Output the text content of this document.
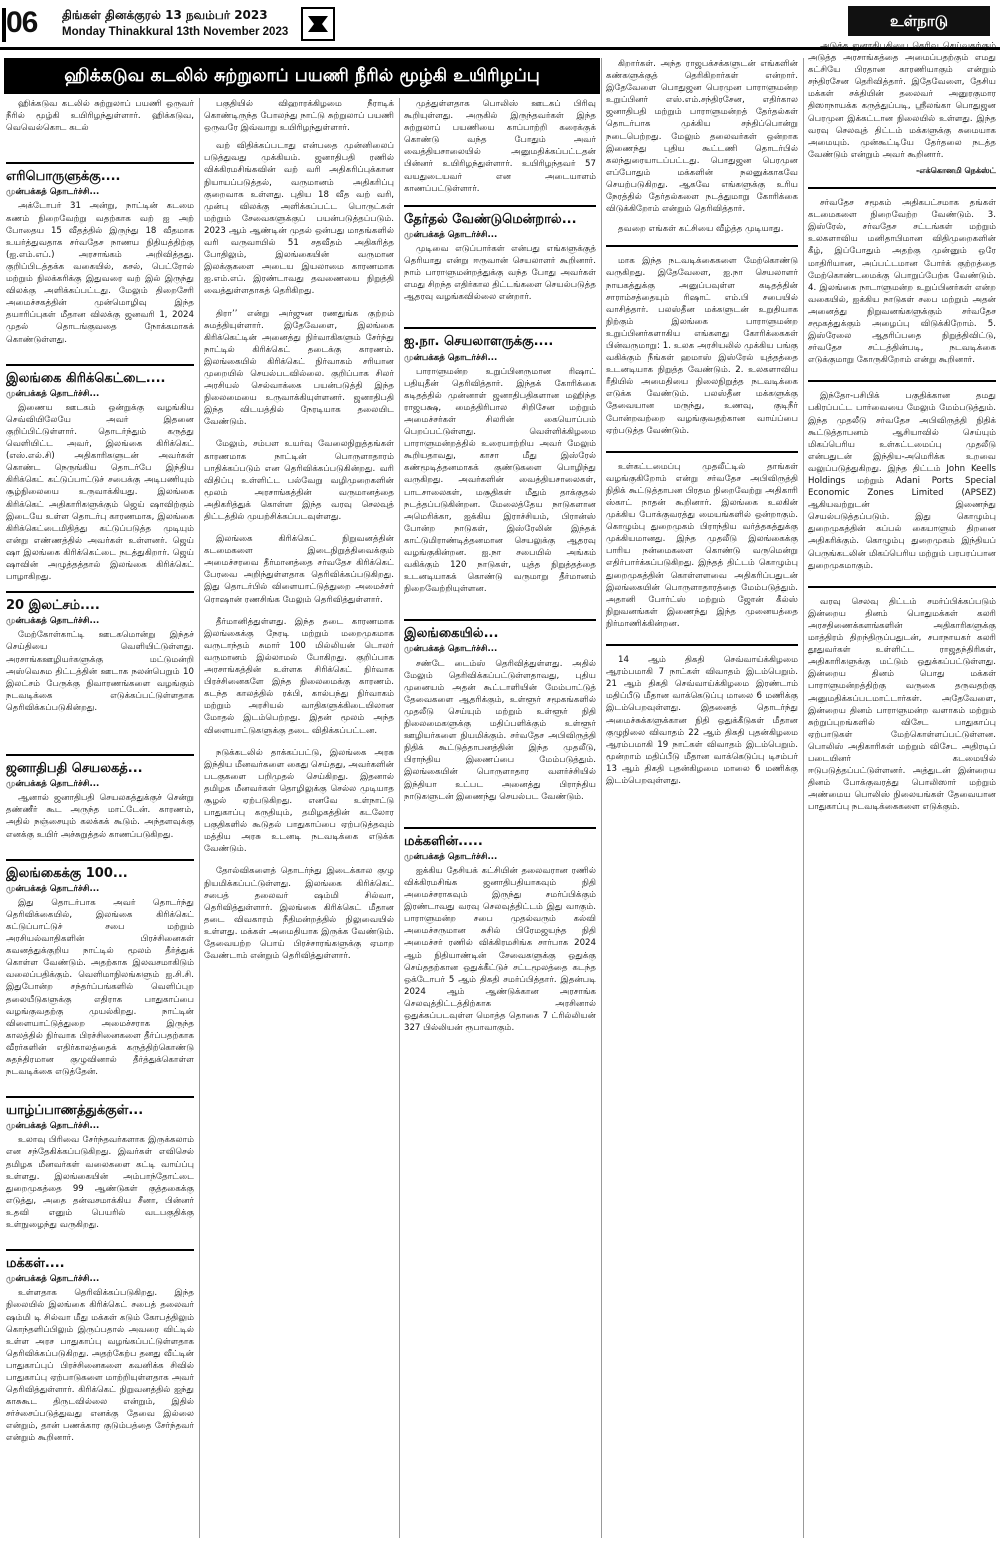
06 திங்கள் தினக்குரல் 13 நவம்பர் 2023
Monday Thinakkural 13th November 2023
உள்நாடு
ஹிக்கடுவ கடலில் சுற்றுலாப் பயணி நீரில் மூழ்கி உயிரிழப்பு

ஹிக்கடுவ கடலில் சுற்றுலாப் பயணி ஒருவர் நீரில் மூழ்கி உயிரிழந்துள்ளார். ஹிக்கடுவ, வெவெல்கொட கடல்

எரிபொருளுக்கு....
முன்பக்கத் தொடர்ச்சி...

அக்டோபர் 31 அன்று, நாட்டின் கடமை கணம் நிறைவேற்று வதற்காக வற் ஐ அற் போதைய 15 வீதத்தில் இருந்து 18 வீதமாக உயர்த்துவதாக சர்வதேச நாணய நிதியத்திற்கு (ஐ.எம்.எப்.) அரசாங்கம் அறிவித்தது. குறிப்பிடத்தக்க வகையில், கசல், பெட்ரோல் மற்றும் நிலக்கரிக்கு இதுவரை வற் இல் இருந்து விலக்கு அளிக்கப்பட்டது. மேலும் திறைசேரி அமைச்சகத்தின் முன்மொழிவு இந்த தயாரிப்புகள் மீதான விலக்கு ஜனவரி 1, 2024 முதல் தொடங்குவதை நோக்கமாகக் கொண்டுள்ளது.

இலங்கை கிரிக்கெட்டை....
முன்பக்கத் தொடர்ச்சி...

இணைய ஊடகம் ஒன்றுக்கு வழங்கிய செவ்வியிலேயே அவர் இதனை குறிப்பிட்டுள்ளார். தொடர்ந்தும் கருத்து வெளியிட்ட அவர், இலங்கை கிரிக்கெட் (எஸ்.எல்.சி) அதிகாரிகளுடன் அவர்கள் கொண்ட நெருங்கிய தொடர்பே இந்திய கிரிக்கெட் கட்டுப்பாட்டுச் சபைக்கு அடிபணியும் சூழ்நிலையை உருவாக்கியது. இலங்கை கிரிக்கெட் அதிகாரிகளுக்கும் ஜெய் ஷாவிற்கும் இடையே உள்ள தொடர்பு காரணமாக, இலங்கை கிரிக்கெட்டைமிதித்து கட்டுப்படுத்த முடியும் என்று எண்ணத்தில் அவர்கள் உள்ளனர். ஜெய் ஷா இலங்கை கிரிக்கெட்டை நடத்துகிறார். ஜெய் ஷாவின் அழுத்தத்தால் இலங்கை கிரிக்கெட் பாழாகிறது.

20 இலட்சம்....
முன்பக்கத் தொடர்ச்சி...

மேற்கோள்காட்டி ஊடகமொன்று இந்தச் செய்தியை வெளியிட்டுள்ளது. அரசாங்கஊழியர்களுக்கு மட்டுமன்றி அஸ்வெசும திட்டத்தின் ஊடாக நலன்பெறும் 10 இலட்சம் பேருக்கு நிவாரணங்களை வழங்கும் நடவடிக்கை எடுக்கப்பட்டுள்ளதாக தெரிவிக்கப்படுகின்றது.

ஜனாதிபதி செயலகத்...
முன்பக்கத் தொடர்ச்சி...

ஆனால் ஜனாதிபதி செயலகத்துக்குச் சென்று தண்ணீர் கூட அருந்த மாட்டேன். காரணம், அதில் நஞ்சையும் கலக்கக் கூடும். அந்தளவுக்கு எனக்கு உயிர் அச்சுறுத்தல் காணப்படுகிறது.

இலங்கைக்கு 100...
முன்பக்கத் தொடர்ச்சி...

இது தொடர்பாக அவர் தொடர்ந்து தெரிவிக்கையில், இலங்கை கிரிக்கெட் கட்டுப்பாட்டுச் சபை மற்றும் அரசியல்வாதிகளின் பிரச்சினைகள் கவனத்துக்குறிய நாட்டில் மூலம் தீர்த்துக் கொள்ள வேண்டும். அதற்காக இலவசமாகிடும் வலைப்பதிக்கும். வெளிமாநிலங்களும் ஐ.சி.சி. இதுபோன்ற சந்தர்ப்பங்களில் வெளிப்புற தலையீடுகளுக்கு எதிராக பாதுகாப்பை வழங்குவதற்கு முயல்கிறது. நாட்டின் விளையாட்டுத்துறை அமைச்சராக இருந்த காலத்தில் நிர்வாக பிரச்சினைகளை தீர்ப்பதற்காக வீரர்களின் எதிர்காலத்தைக் கருத்திற்கொண்டு சுதந்திரமான குழுவினால் தீர்த்துக்கொள்ள நடவடிக்கை எடுத்தேன்.

யாழ்ப்பாணத்துக்குள்...
முன்பக்கத் தொடர்ச்சி...

உலாவு பிரிவை சேர்ந்தவர்களாக இருக்கலாம் என சந்தேகிக்கப்படுகிறது. இவர்கள் எவிசெல் தமிழக மீனவர்கள் வலைகளை கட்டி வாய்ப்பு உள்ளது. இலங்கையின் அம்பாந்தோட்டை துறைமுகத்தை 99 ஆண்டுகள் குத்தகைக்கு எடுத்து, அதை தன்வசமாக்கிய சீனா, பின்னர் உதவி எனும் பெயரில் வடபகுதிக்கு உள்நுழைந்து வருகிறது.

மக்கள்....
முன்பக்கத் தொடர்ச்சி...

உள்ளதாக தெரிவிக்கப்படுகிறது. இந்த நிலையில் இலங்கை கிரிக்கெட் சபைத் தலைவர் ஷம்மி டி சில்வா மீது மக்கள் கடும் கோபத்திலும் கொந்தளிப்பிலும் இருப்பதால் அவரை விட்டில் உள்ள அரச பாதுகாப்பு வழங்கப்பட்டுள்ளதாக தெரிவிக்கப்படுகிறது. அதற்கேற்ப தனது வீட்டின் பாதுகாப்புப் பிரச்சினைகளை கவனிக்க சிவில் பாதுகாப்பு ஏற்பாடுகளை மாற்றியுள்ளதாக அவர் தெரிவித்துள்ளார். கிரிக்கெட் நிறுவனத்தில் ஐந்து காசுகூட திருடவில்லை என்றும், இதில் சர்ச்சைப்படுத்துவது எனக்கு தேவை இல்லை என்றும், தான் பணக்கார குடும்பத்தை சேர்ந்தவர் என்றும் கூறினார்.

பகுதியில் விஹாரக்கிழமை நீராடிக் கொண்டிருந்த போலந்து நாட்டு சுற்றுலாப் பயணி ஒருவரே இவ்வாறு உயிரிழந்துள்ளார்.

வற் விதிக்கப்படாது என்பதை முன்னிலைப் படுத்துவது முக்கியம். ஜனாதிபதி ரணில் விக்கிரமசிங்கவின் வற் வரி அதிகரிப்புக்கான நியாயப்படுத்தல், வருமானம் அதிகரிப்பு குறைவாக உள்ளது. புதிய 18 வீத வற் வரி, முன்பு விலக்கு அளிக்கப்பட்ட பொருட்கள் மற்றும் சேவைகளுக்குப் பயன்படுத்தப்படும். 2023 ஆம் ஆண்டின் முதல் ஒன்பது மாதங்களில் வரி வருவாயில் 51 சதவீதம் அதிகரித்த போதிலும், இலங்கையின் வருமான இலக்குகளை அடைய இயலாமை காரணமாக ஐ.எம்.எப். இரண்டாவது தவணையை நிறுத்தி வைத்துள்ளதாகத் தெரிகிறது.

திரா’’ என்று அர்ஜுன ரணதுங்க குற்றம் சுமத்தியுள்ளார். இதேவேளை, இலங்கை கிரிக்கெட்டின் அனைத்து நிர்வாகிகளும் சேர்ந்து நாட்டில் கிரிக்கெட் தடைக்கு காரணம். இலங்கையில் கிரிக்கெட் நிர்வாகம் சரியான முறையில் செயல்படவில்லை. குறிப்பாக சிலர் அரசியல் செல்வாக்கை பயன்படுத்தி இந்த நிலைமையை உருவாக்கியுள்ளனர். ஜனாதிபதி இந்த விடயத்தில் நேரடியாக தலையிட வேண்டும்.

மேலும், சம்பள உயர்வு வேலைநிறுத்தங்கள் காரணமாக நாட்டின் பொருளாதாரம் பாதிக்கப்படும் என தெரிவிக்கப்படுகின்றது. வரி விதிப்பு உள்ளிட்ட பல்வேறு வழிமுறைகளின் மூலம் அரசாங்கத்தின் வருமானத்தை அதிகரித்துக் கொள்ள இந்த வரவு செலவுத் திட்டத்தில் முயற்சிக்கப்படவுள்ளது.

இலங்கை கிரிக்கெட் நிறுவனத்தின் கடமைகளை இடைநிறுத்திவைக்கும் அமைச்சரவை தீர்மானத்தை சர்வதேச கிரிக்கெட் பேரவை அறிந்துள்ளதாக தெரிவிக்கப்படுகிறது. இது தொடர்பில் விளையாட்டுத்துறை அமைச்சர் ரொஷான் ரணசிங்க மேலும் தெரிவித்துள்ளார்.

தீர்மானித்துள்ளது. இந்த தடை காரணமாக இலங்கைக்கு நேரடி மற்றும் மறைமுகமாக வருடாந்தம் சுமார் 100 மில்லியன் டொலர் வருமானம் இல்லாமல் போகிறது. குறிப்பாக அரசாங்கத்தின் உள்ளக சிரிக்கெட் நிர்வாக பிரச்சினைகளே இந்த நிலைமைக்கு காரணம். கடந்த காலத்தில் ரக்பி, கால்பந்து நிர்வாகம் மற்றும் அரசியல் வாதிகளுக்கிடையிலான மோதல் இடம்பெற்றது. இதன் மூலம் அந்த விளையாட்டுகளுக்கு தடை விதிக்கப்பட்டன.

நடுக்கடலில் தாக்கப்பட்டு, இலங்கை அரசு இந்திய மீனவர்களை கைது செய்தது, அவர்களின் படகுகளை பறிமுதல் செய்கிறது. இதனால் தமிழக மீனவர்கள் தொழிலுக்கு செல்ல முடியாத சூழல் ஏற்படுகிறது. எனவே உள்நாட்டு பாதுகாப்பு கருதியும், தமிழகத்தின் கடலோர பகுதிகளில் கூடுதல் பாதுகாப்பை ஏற்படுத்தவும் மத்திய அரசு உடனடி நடவடிக்கை எடுக்க வேண்டும்.

தோல்விகளைத் தொடர்ந்து இடைக்கால குழு நியமிக்கப்பட்டுள்ளது. இலங்கை கிரிக்கெட் சபைத் தலைவர் ஷம்மி சில்வா, தெரிவித்துள்ளார். இலங்கை கிரிக்கெட் மீதான தடை விவகாரம் நீதிமன்றத்தில் நிலுவையில் உள்ளது. மக்கள் அமைதியாக இருக்க வேண்டும். தேவையற்ற பொய் பிரச்சாரங்களுக்கு ஏமாற வேண்டாம் என்றும் தெரிவித்துள்ளார்.

முத்துள்ளதாக பொலிஸ் ஊடகப் பிரிவு கூறியுள்ளது. அருகில் இருந்தவர்கள் இந்த சுற்றுலாப் பயணியை காப்பாற்றி கரைக்குக் கொண்டு வந்த போதும் அவர் வைத்தியசாலையில் அனுமதிக்கப்பட்டதன் பின்னர் உயிரிழந்துள்ளார். உயிரிழந்தவர் 57 வயதுடையவர் என அடையாளம் காணப்பட்டுள்ளார்.

தேர்தல் வேண்டுமென்றால்...
முன்பக்கத் தொடர்ச்சி...

முடிவை எடுப்பார்கள் என்பது எங்களுக்குத் தெரியாது என்று ஈருவான் செயலாளர் கூறினார். நாம் பாராளுமன்றத்துக்கு வந்த போது அவர்கள் எமது சிறந்த எதிர்கால திட்டங்களை செயல்படுத்த ஆதரவு வழங்கவில்லை என்றார்.

ஐ.நா. செயலாளருக்கு....
முன்பக்கத் தொடர்ச்சி...

பாராளுமன்ற உறுப்பினருமான ரிஷாட் பதியுதீன் தெரிவித்தார். இந்தக் கோரிக்கை கடிதத்தில் முன்னாள் ஜனாதிபதிகளான மஹிந்த ராஜபக்ஷ, மைத்திரிபால சிறிசேன மற்றும் அமைச்சர்கள் சிலரின் கையொப்பம் பெறப்பட்டுள்ளது. வெள்ளிக்கிழமை பாராளுமன்றத்தில் உரையாற்றிய அவர் மேலும் கூறியதாவது, காசா மீது இஸ்ரேல் கண்மூடித்தனமாகக் குண்டுகளை பொழிந்து வருகிறது. அவர்களின் வைத்தியசாலைகள், பாடசாலைகள், மசூதிகள் மீதும் தாக்குதல் நடத்தப்படுகின்றன. மேலைத்தேய நாடுகளான அமெரிக்கா, ஐக்கிய இராச்சியம், பிரான்ஸ் போன்ற நாடுகள், இஸ்ரேலின் இந்தக் காட்டுமிராண்டித்தனமான செயலுக்கு ஆதரவு வழங்குகின்றன. ஐ.நா சபையில் அங்கம் வகிக்கும் 120 நாடுகள், யுத்த நிறுத்தத்தை உடனடியாகக் கொண்டு வருமாறு தீர்மானம் நிறைவேற்றியுள்ளன.

இலங்கையில்...
முன்பக்கத் தொடர்ச்சி...

சண்டே டைம்ஸ் தெரிவித்துள்ளது. அதில் மேலும் தெரிவிக்கப்பட்டுள்ளதாவது, புதிய முனையம் அதன் கூட்டாளியின் மேம்பாட்டுத் தேவைகளை ஆதரிக்கும், உள்ளூர் சமூகங்களில் முதலீடு செய்யும் மற்றும் உள்ளூர் நிதி நிலைமைகளுக்கு மதிப்பளிக்கும் உள்ளூர் ஊழியர்களை நியமிக்கும். சர்வதேச அபிவிருத்தி நிதிக் கூட்டுத்தாபனத்தின் இந்த முதலீடு, பிராந்திய இணைப்பை மேம்படுத்தும். இலங்கையின் பொருளாதார வளர்ச்சியில் இந்தியா உட்பட அனைத்து பிராந்திய நாடுகளுடன் இணைந்து செயல்பட வேண்டும்.

மக்களின்.....
முன்பக்கத் தொடர்ச்சி...

ஐக்கிய தேசியக் கட்சியின் தலைவரான ரணில் விக்கிரமசிங்க ஜனாதிபதியாகவும் நிதி அமைச்சராகவும் இருந்து சமர்ப்பிக்கும் இரண்டாவது வரவு செலவுத்திட்டம் இது வாகும். பாராளுமன்ற சபை முதல்வரும் கல்வி அமைச்சருமான சுசில் பிரேமஜயந்த நிதி அமைச்சர் ரணில் விக்கிரமசிங்க சார்பாக 2024 ஆம் நிதியாண்டின் சேவைகளுக்கு ஒதுக்கு செய்ததற்கான ஒதுக்கீட்டுச் சட்டமூலத்தை கடந்த ஒக்டோபர் 5 ஆம் திகதி சமர்ப்பித்தார். இதன்படி 2024 ஆம் ஆண்டுக்கான அரசாங்க செலவுத்திட்டத்திற்காக அரசினால் ஒதுக்கப்படவுள்ள மொத்த தொகை 7 ட்ரில்லியன் 327 பில்லியன் ரூபாவாகும்.

கிறார்கள். அந்த ராஜபக்சக்களுடன் எங்களின் கண்களுக்குத் தெரிகிறார்கள் என்றார். இதேவேளை பொதுஜன பெரமுன பாராளுமன்ற உறுப்பினர் எஸ்.எம்.சந்திரசேன, எதிர்கால ஜனாதிபதி மற்றும் பாராளுமன்றத் தேர்தல்கள் தொடர்பாக முக்கிய சந்திப்பொன்று நடைபெற்றது. மேலும் தலைவர்கள் ஒன்றாக இணைந்து புதிய கூட்டணி தொடர்பில் கலந்துரையாடப்பட்டது. பொதுஜன பெரமுன எப்போதும் மக்களின் நலனுக்காகவே செயற்படுகிறது. ஆகவே எங்களுக்கு உரிய நேரத்தில் தேர்தல்களை நடத்துமாறு கோரிக்கை விடுக்கிறோம் என்றும் தெரிவித்தார்.

தவறை எங்கள் கட்சியை வீழ்த்த முடியாது.

மாக இந்த நடவடிக்கைகளை மேற்கொண்டு வருகிறது. இதேவேளை, ஐ.நா செயலாளர் நாயகத்துக்கு அனுப்பவுள்ள கடிதத்தின் சாராம்சத்தையும் ரிஷாட் எம்.பி சபையில் வாசித்தார். பலஸ்தீன மக்களுடன் உறுதியாக நிற்கும் இலங்கை பாராளுமன்ற உறுப்பினர்களாகிய எங்களது கோரிக்கைகள் பின்வருமாறு: 1. உலக அரசியலில் முக்கிய பங்கு வகிக்கும் நீங்கள் ஹமாஸ் இஸ்ரேல் யுத்தத்தை உடனடியாக நிறுத்த வேண்டும். 2. உலகளாவிய ரீதியில் அமைதியை நிலைநிறுத்த நடவடிக்கை எடுக்க வேண்டும். பலஸ்தீன மக்களுக்கு தேவையான மருந்து, உணவு, குடிநீர் போன்றவற்றை வழங்குவதற்கான வாய்ப்பை ஏற்படுத்த வேண்டும்.

உள்கட்டமைப்பு முதலீட்டில் தாங்கள் வழங்குகிறோம் என்று சர்வதேச அபிவிருத்தி நிதிக் கூட்டுத்தாபன பிரதம நிறைவேற்று அதிகாரி ஸ்காட் நாதன் கூறினார். இலங்கை உலகின் முக்கிய போக்குவரத்து மையங்களில் ஒன்றாகும். கொழும்பு துறைமுகம் பிராந்திய வர்த்தகத்துக்கு முக்கியமானது. இந்த முதலீடு இலங்கைக்கு பாரிய நன்மைகளை கொண்டு வருமென்று எதிர்பார்க்கப்படுகிறது. இந்தத் திட்டம் கொழும்பு துறைமுகத்தின் கொள்ளளவை அதிகரிப்பதுடன் இலங்கையின் பொருளாதாரத்தை மேம்படுத்தும். அதானி போர்ட்ஸ் மற்றும் ஜோன் கீல்ஸ் நிறுவனங்கள் இணைந்து இந்த முனையத்தை நிர்மாணிக்கின்றன.

14 ஆம் திகதி செவ்வாய்க்கிழமை ஆரம்பமாகி 7 நாட்கள் விவாதம் இடம்பெறும். 21 ஆம் திகதி செவ்வாய்க்கிழமை இரண்டாம் மதிப்பீடு மீதான வாக்கெடுப்பு மாலை 6 மணிக்கு இடம்பெறவுள்ளது. இதனைத் தொடர்ந்து அமைச்சுக்களுக்கான நிதி ஒதுக்கீடுகள் மீதான குழுநிலை விவாதம் 22 ஆம் திகதி புதன்கிழமை ஆரம்பமாகி 19 நாட்கள் விவாதம் இடம்பெறும். மூன்றாம் மதிப்பீடு மீதான வாக்கெடுப்பு டிசம்பர் 13 ஆம் திகதி புதன்கிழமை மாலை 6 மணிக்கு இடம்பெறவுள்ளது.

அடுத்த ஜனாதிபதியை தெரிவு செய்வதற்கும் அடுத்த அரசாங்கத்தை அமைப்பதற்கும் எமது கட்சியே பிரதான காரணியாகும் என்றும் சந்திரசேன தெரிவித்தார். இதேவேளை, தேசிய மக்கள் சக்தியின் தலைவர் அனுரகுமார திஸாநாயக்க கருத்துப்படி, ஸ்ரீலங்கா பொதுஜன பெரமுன இக்கட்டான நிலையில் உள்ளது. இந்த வரவு செலவுத் திட்டம் மக்களுக்கு சுமையாக அமையும். முன்கூட்டியே தேர்தலை நடத்த வேண்டும் என்றும் அவர் கூறினார்.

-எக்கொனமி நெக்ஸ்ட்

சர்வதேச சமூகம் அதிகபட்சமாக தங்கள் கடமைகளை நிறைவேற்ற வேண்டும். 3. இஸ்ரேல், சர்வதேச சட்டங்கள் மற்றும் உலகளாவிய மனிதாபிமான விதிமுறைகளின் கீழ், இப்போதும் அதற்கு முன்னும் ஒரே மாதிரியான, அப்பட்டமான போர்க் குற்றத்தை மேற்கொண்டமைக்கு பொறுப்பேற்க வேண்டும். 4. இலங்கை நாடாளுமன்ற உறுப்பினர்கள் என்ற வகையில், ஐக்கிய நாடுகள் சபை மற்றும் அதன் அனைத்து நிறுவனங்களுக்கும் சர்வதேச சமூகத்துக்கும் அழைப்பு விடுக்கிறோம். 5. இஸ்ரேலை ஆதரிப்பதை நிறுத்திவிட்டு, சர்வதேச சட்டத்தின்படி, நடவடிக்கை எடுக்குமாறு கோருகிறோம் என்று கூறினார்.

இந்தோ-பசிபிக் பகுதிக்கான தமது பகிரப்பட்ட பார்வையை மேலும் மேம்படுத்தும். இந்த முதலீடு சர்வதேச அபிவிருத்தி நிதிக் கூட்டுத்தாபனம் ஆசியாவில் செய்யும் மிகப்பெரிய உள்கட்டமைப்பு முதலீடு என்பதுடன் இந்திய-அமெரிக்க உறவை வலுப்படுத்துகிறது. இந்த திட்டம் John Keells Holdings மற்றும் Adani Ports Special Economic Zones Limited (APSEZ) ஆகியவற்றுடன் இணைந்து செயல்படுத்தப்படும். இது கொழும்பு துறைமுகத்தின் கப்பல் கையாளும் திறனை அதிகரிக்கும். கொழும்பு துறைமுகம் இந்தியப் பெருங்கடலின் மிகப்பெரிய மற்றும் பரபரப்பான துறைமுகமாகும்.

வரவு செலவு திட்டம் சமர்ப்பிக்கப்படும் இன்றைய தினம் பொதுமக்கள் கலரி அரசதிணைக்களங்களின் அதிகாரிகளுக்கு மாத்திரம் திறந்திருப்பதுடன், சபாநாயகர் கலரி தூதுவர்கள் உள்ளிட்ட ராஜதந்திரிகள், அதிகாரிகளுக்கு மட்டும் ஒதுக்கப்பட்டுள்ளது. இன்றைய தினம் பொது மக்கள் பாராளுமன்றத்திற்கு வருகை தருவதற்கு அனுமதிக்கப்படமாட்டார்கள். அதேவேளை, இன்றைய தினம் பாராளுமன்ற வளாகம் மற்றும் சுற்றுப்புறங்களில் விசேட பாதுகாப்பு ஏற்பாடுகள் மேற்கொள்ளப்பட்டுள்ளன. பொலிஸ் அதிகாரிகள் மற்றும் விசேட அதிரடிப் படையினர் கடமையில் ஈடுபடுத்தப்பட்டுள்ளனர். அத்துடன் இன்றைய தினம் போக்குவரத்து பொலிஸார் மற்றும் அண்மைய பொலிஸ் நிலையங்கள் தேவையான பாதுகாப்பு நடவடிக்கைகளை எடுக்கும்.
